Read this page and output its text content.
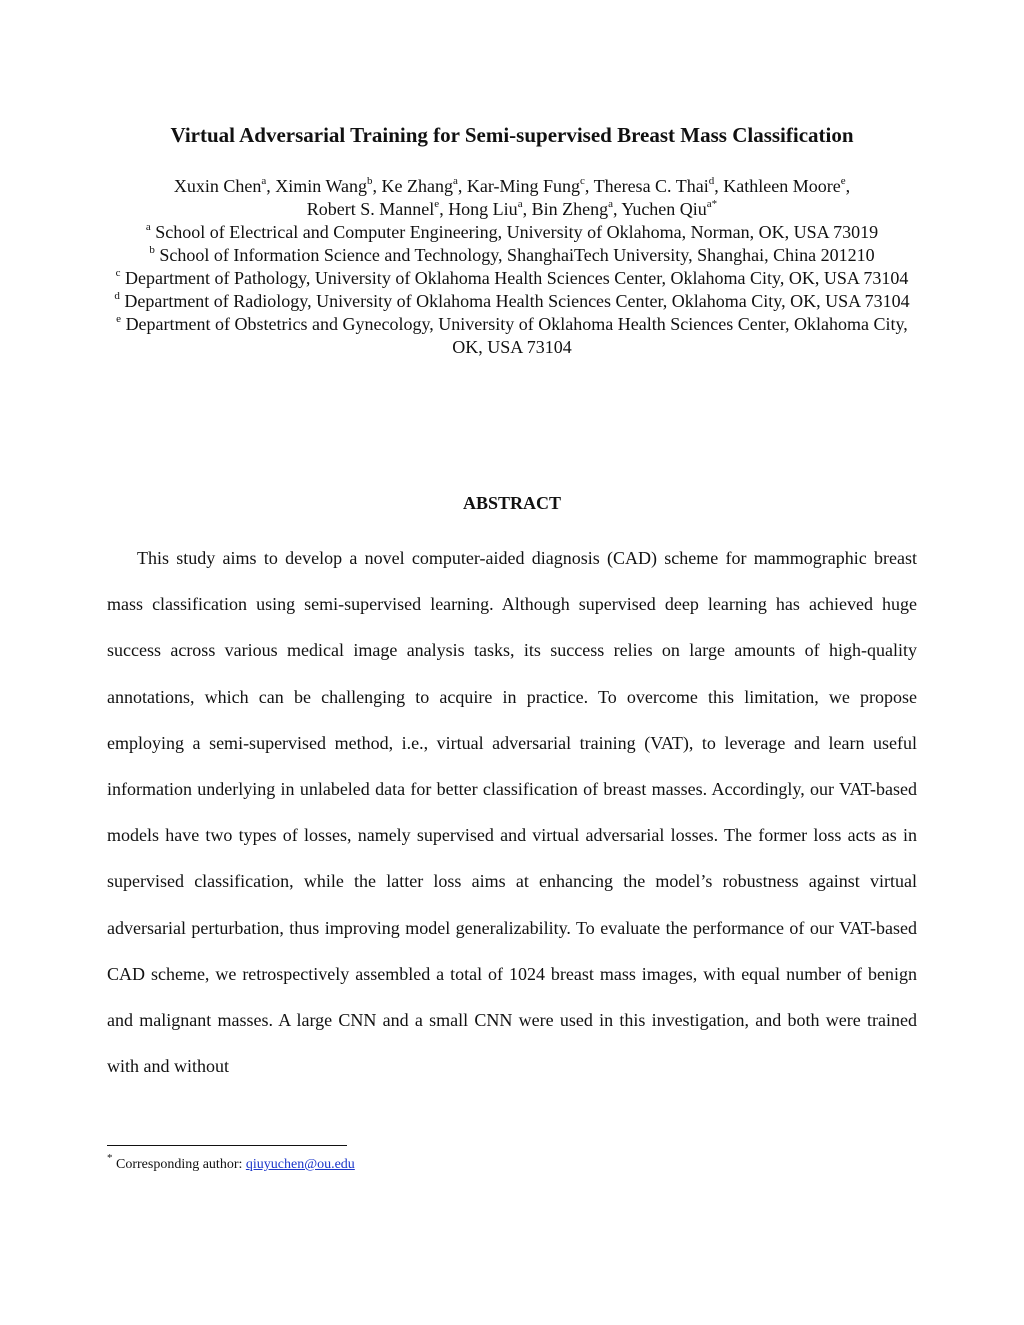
Virtual Adversarial Training for Semi-supervised Breast Mass Classification

Xuxin Chen$^a$, Ximin Wang$^b$, Ke Zhang$^a$, Kar-Ming Fung$^c$, Theresa C. Thai$^d$, Kathleen Moore$^e$,
Robert S. Mannel$^e$, Hong Liu$^a$, Bin Zheng$^a$, Yuchen Qiu$^{a*}$

$^a$ School of Electrical and Computer Engineering, University of Oklahoma, Norman, OK, USA 73019

$^b$ School of Information Science and Technology, ShanghaiTech University, Shanghai, China 201210

$^c$ Department of Pathology, University of Oklahoma Health Sciences Center, Oklahoma City, OK, USA 73104

$^d$ Department of Radiology, University of Oklahoma Health Sciences Center, Oklahoma City, OK, USA 73104

$^e$ Department of Obstetrics and Gynecology, University of Oklahoma Health Sciences Center, Oklahoma City, OK, USA 73104

ABSTRACT

This study aims to develop a novel computer-aided diagnosis (CAD) scheme for mammographic breast mass classification using semi-supervised learning. Although supervised deep learning has achieved huge success across various medical image analysis tasks, its success relies on large amounts of high-quality annotations, which can be challenging to acquire in practice. To overcome this limitation, we propose employing a semi-supervised method, i.e., virtual adversarial training (VAT), to leverage and learn useful information underlying in unlabeled data for better classification of breast masses. Accordingly, our VAT-based models have two types of losses, namely supervised and virtual adversarial losses. The former loss acts as in supervised classification, while the latter loss aims at enhancing the model’s robustness against virtual adversarial perturbation, thus improving model generalizability. To evaluate the performance of our VAT-based CAD scheme, we retrospectively assembled a total of 1024 breast mass images, with equal number of benign and malignant masses. A large CNN and a small CNN were used in this investigation, and both were trained with and without

* Corresponding author: qiuyuchen@ou.edu
